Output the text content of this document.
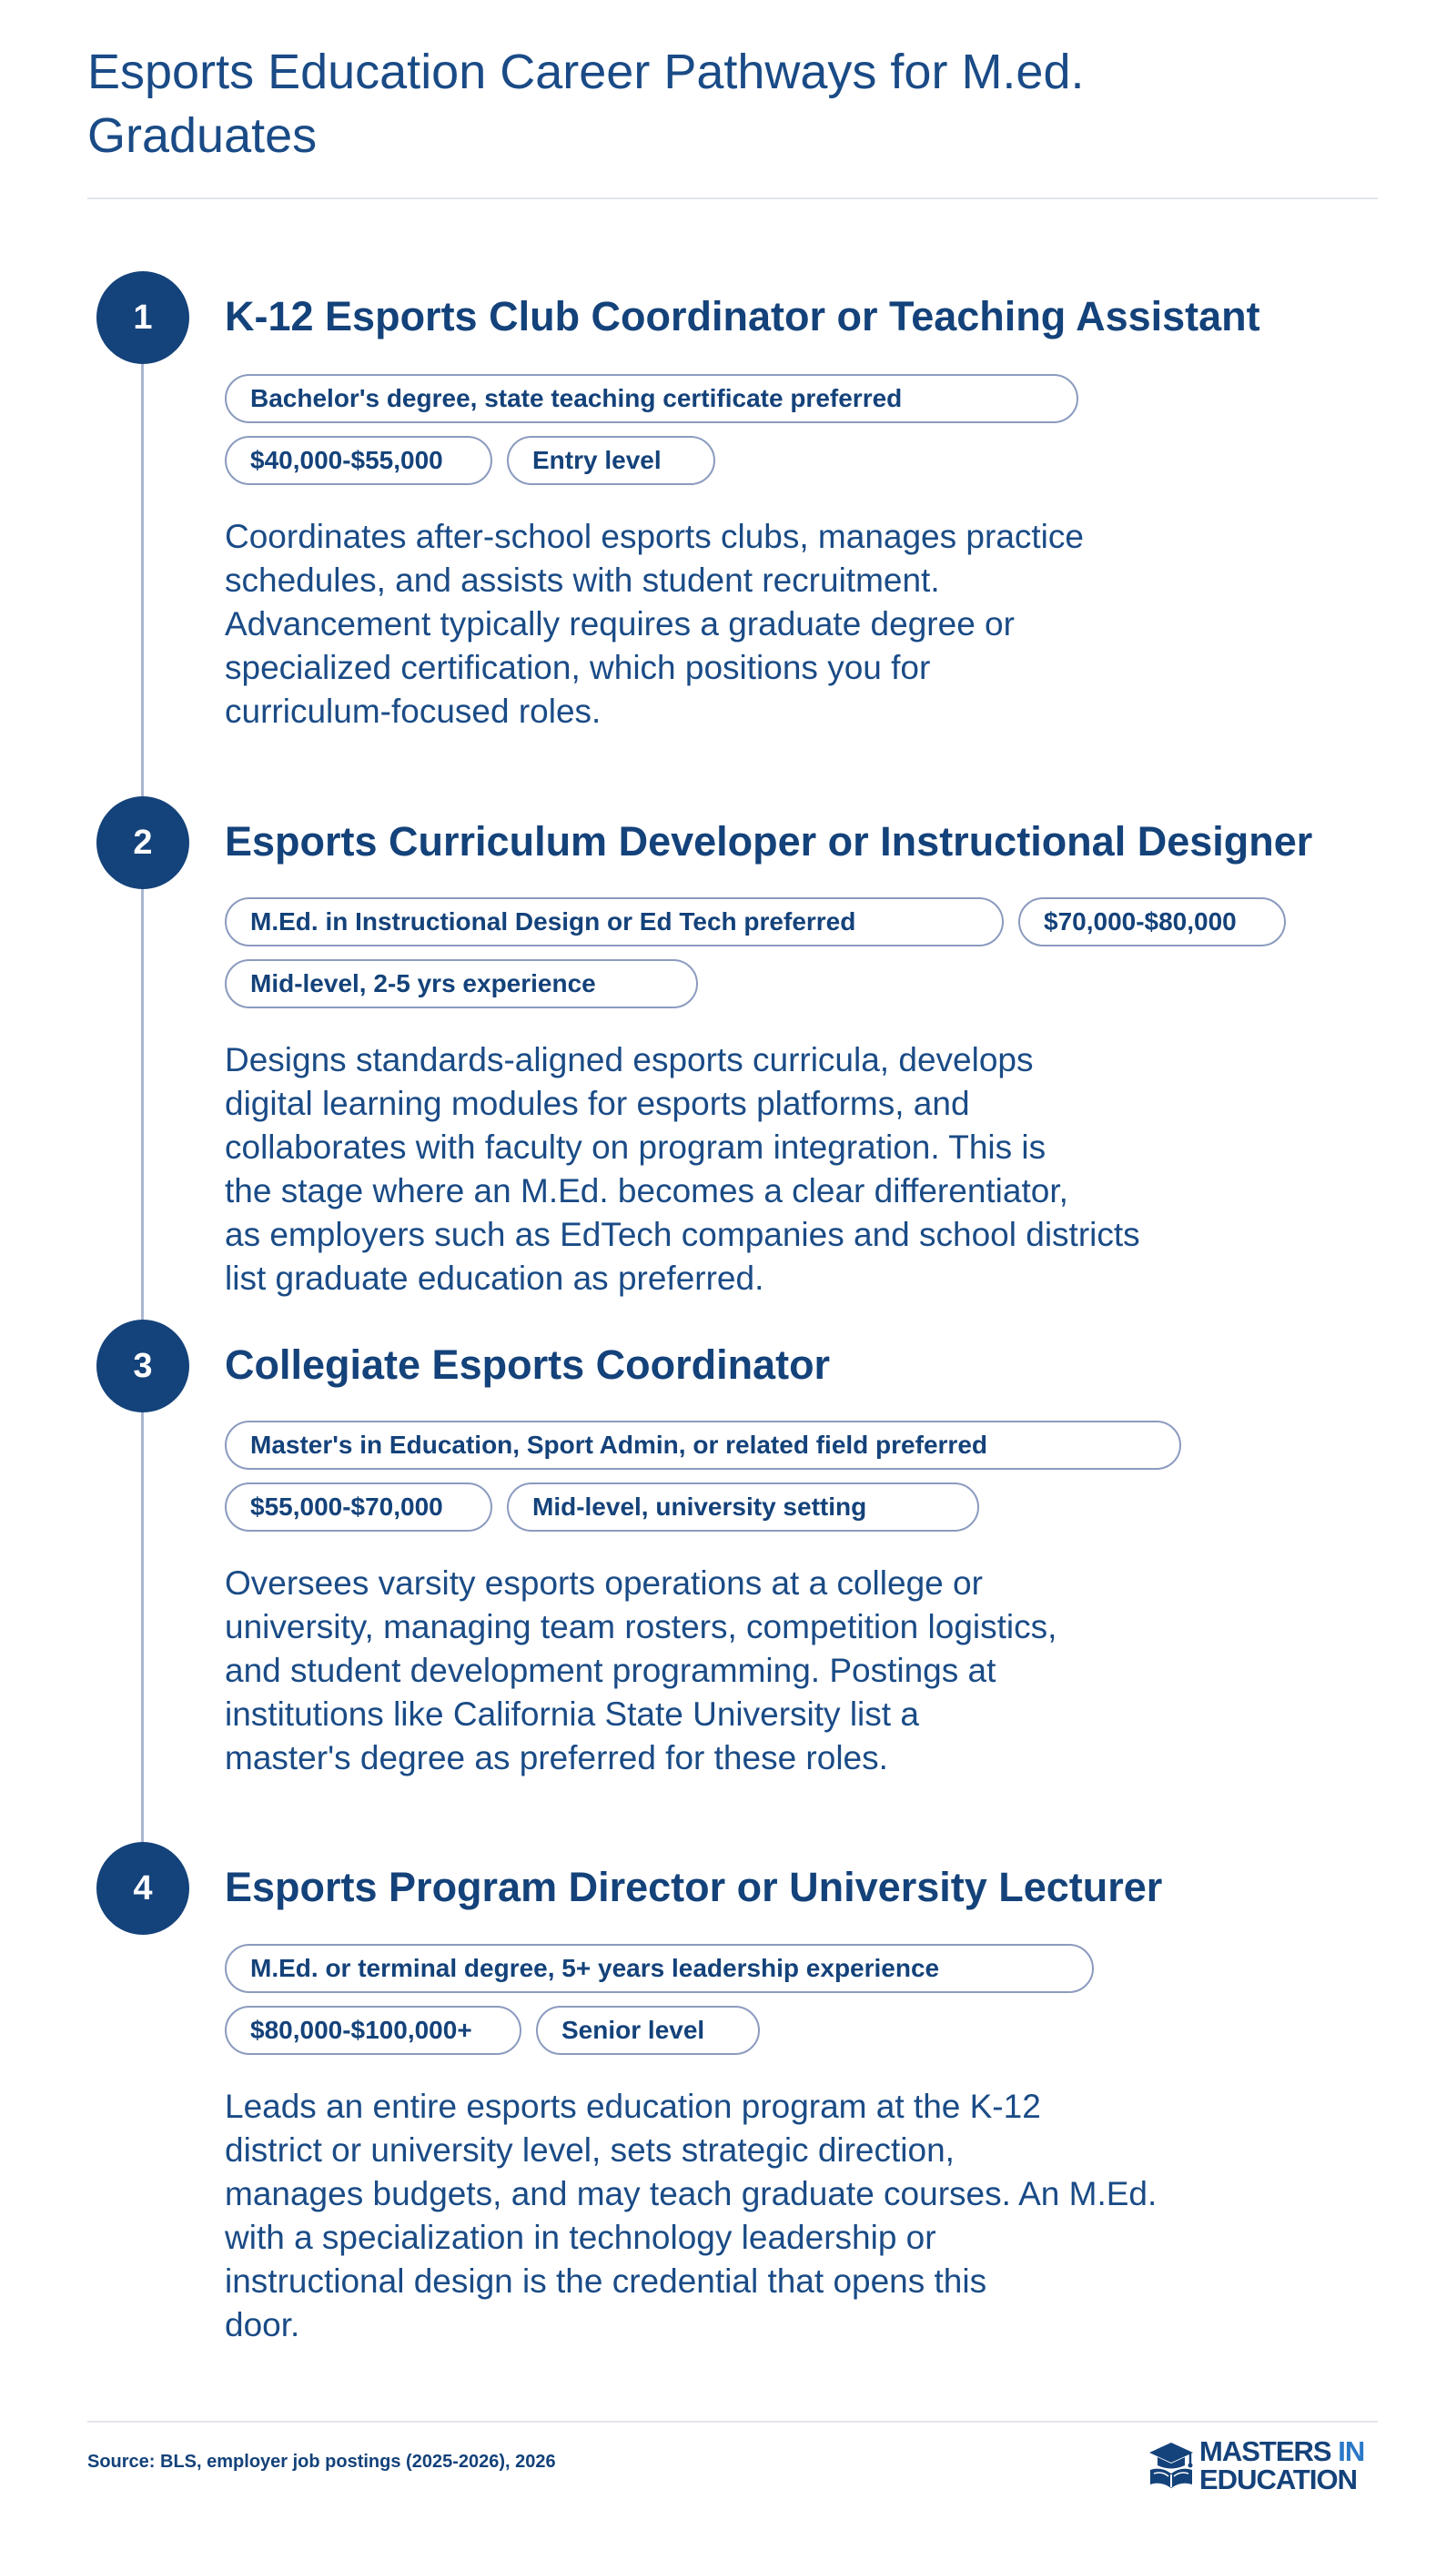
Esports Education Career Pathways for M.ed.
Graduates
1	K-12 Esports Club Coordinator or Teaching Assistant
Bachelor's degree, state teaching certificate preferred
$40,000-$55,000	Entry level

Coordinates after-school esports clubs, manages practice
schedules, and assists with student recruitment.
Advancement typically requires a graduate degree or
specialized certification, which positions you for
curriculum-focused roles.

2	Esports Curriculum Developer or Instructional Designer
M.Ed. in Instructional Design or Ed Tech preferred	$70,000-$80,000
Mid-level, 2-5 yrs experience

Designs standards-aligned esports curricula, develops
digital learning modules for esports platforms, and
collaborates with faculty on program integration. This is
the stage where an M.Ed. becomes a clear differentiator,
as employers such as EdTech companies and school districts
list graduate education as preferred.

3	Collegiate Esports Coordinator
Master's in Education, Sport Admin, or related field preferred
$55,000-$70,000	Mid-level, university setting

Oversees varsity esports operations at a college or
university, managing team rosters, competition logistics,
and student development programming. Postings at
institutions like California State University list a
master's degree as preferred for these roles.

4	Esports Program Director or University Lecturer
M.Ed. or terminal degree, 5+ years leadership experience
$80,000-$100,000+	Senior level

Leads an entire esports education program at the K-12
district or university level, sets strategic direction,
manages budgets, and may teach graduate courses. An M.Ed.
with a specialization in technology leadership or
instructional design is the credential that opens this
door.

Source: BLS, employer job postings (2025-2026), 2026	MASTERS IN
EDUCATION
